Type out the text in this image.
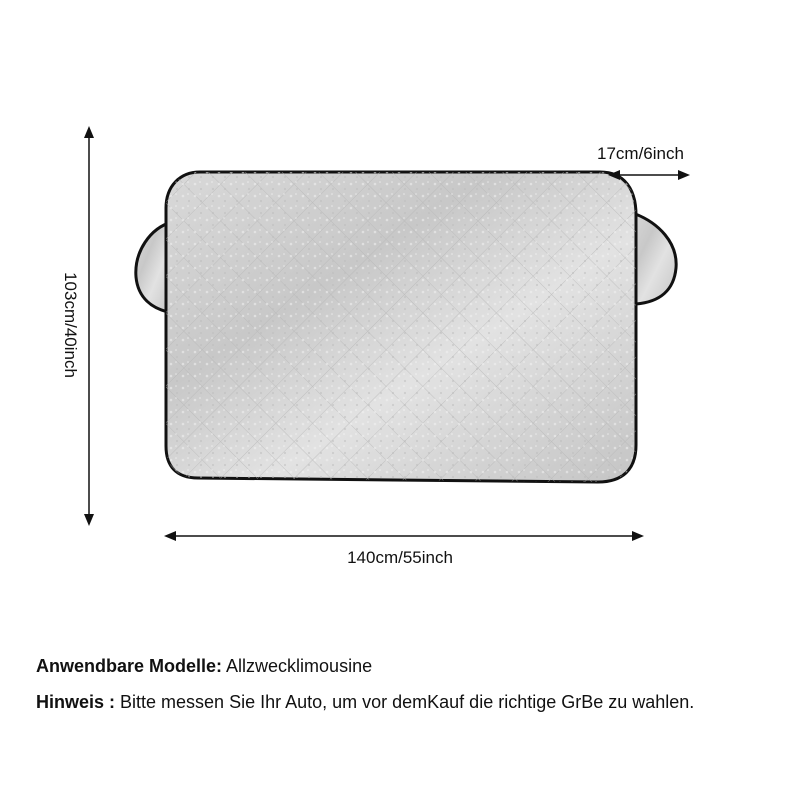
140cm/55inch
103cm/40inch
17cm/6inch
Anwendbare Modelle: Allzwecklimousine
Hinweis : Bitte messen Sie Ihr Auto, um vor demKauf die richtige GrBe zu wahlen.
